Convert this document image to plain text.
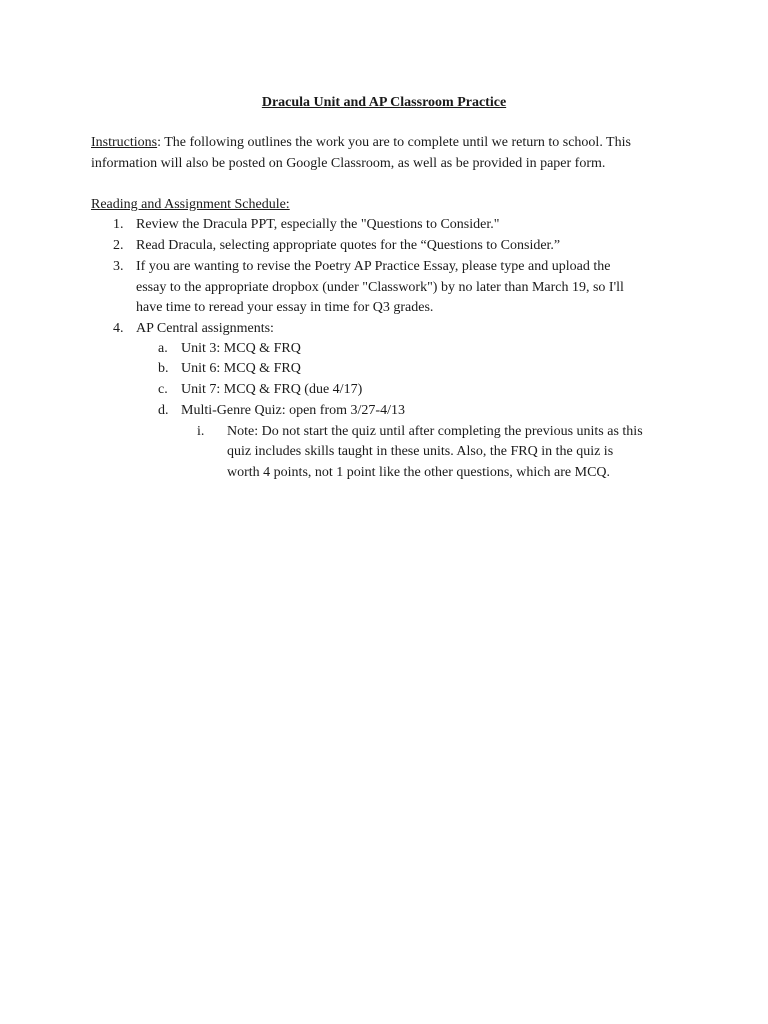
Dracula Unit and AP Classroom Practice
Instructions: The following outlines the work you are to complete until we return to school. This
information will also be posted on Google Classroom, as well as be provided in paper form.
Reading and Assignment Schedule:
1. Review the Dracula PPT, especially the "Questions to Consider."
2. Read Dracula, selecting appropriate quotes for the “Questions to Consider.”
3. If you are wanting to revise the Poetry AP Practice Essay, please type and upload the
essay to the appropriate dropbox (under "Classwork") by no later than March 19, so I'll
have time to reread your essay in time for Q3 grades.
4. AP Central assignments:
a. Unit 3: MCQ & FRQ
b. Unit 6: MCQ & FRQ
c. Unit 7: MCQ & FRQ (due 4/17)
d. Multi-Genre Quiz: open from 3/27-4/13
i. Note: Do not start the quiz until after completing the previous units as this
quiz includes skills taught in these units. Also, the FRQ in the quiz is
worth 4 points, not 1 point like the other questions, which are MCQ.
